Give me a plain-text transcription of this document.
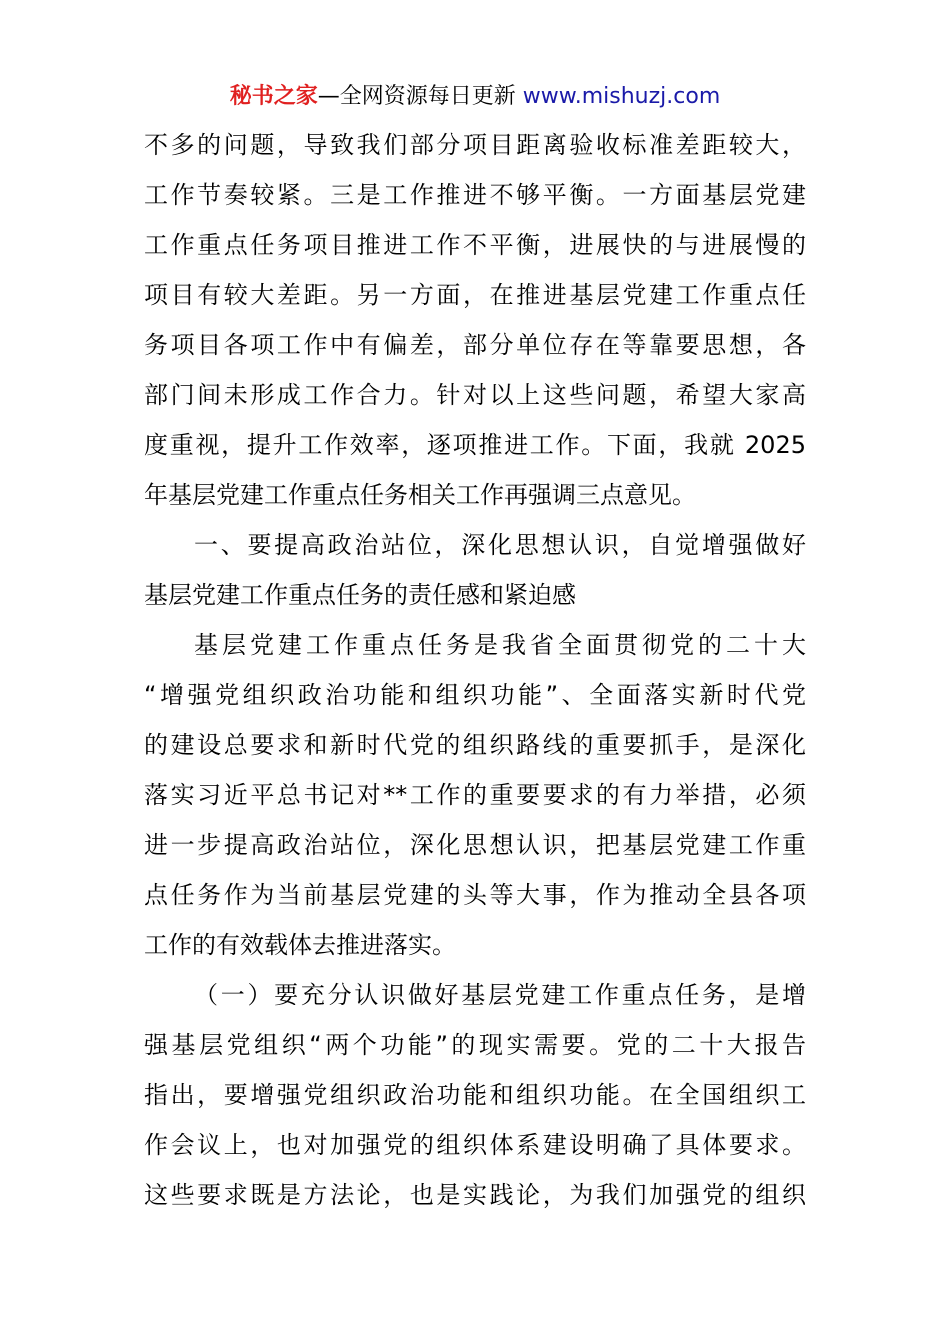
秘书之家—全网资源每日更新 www.mishuzj.com
不多的问题，导致我们部分项目距离验收标准差距较大，
工作节奏较紧。三是工作推进不够平衡。一方面基层党建
工作重点任务项目推进工作不平衡，进展快的与进展慢的
项目有较大差距。另一方面，在推进基层党建工作重点任
务项目各项工作中有偏差，部分单位存在等靠要思想，各
部门间未形成工作合力。针对以上这些问题，希望大家高
度重视，提升工作效率，逐项推进工作。下面，我就 2025
年基层党建工作重点任务相关工作再强调三点意见。
一、要提高政治站位，深化思想认识，自觉增强做好
基层党建工作重点任务的责任感和紧迫感
基层党建工作重点任务是我省全面贯彻党的二十大
“增强党组织政治功能和组织功能”、全面落实新时代党
的建设总要求和新时代党的组织路线的重要抓手，是深化
落实习近平总书记对**工作的重要要求的有力举措，必须
进一步提高政治站位，深化思想认识，把基层党建工作重
点任务作为当前基层党建的头等大事，作为推动全县各项
工作的有效载体去推进落实。
（一）要充分认识做好基层党建工作重点任务，是增
强基层党组织“两个功能”的现实需要。党的二十大报告
指出，要增强党组织政治功能和组织功能。在全国组织工
作会议上，也对加强党的组织体系建设明确了具体要求。
这些要求既是方法论，也是实践论，为我们加强党的组织
